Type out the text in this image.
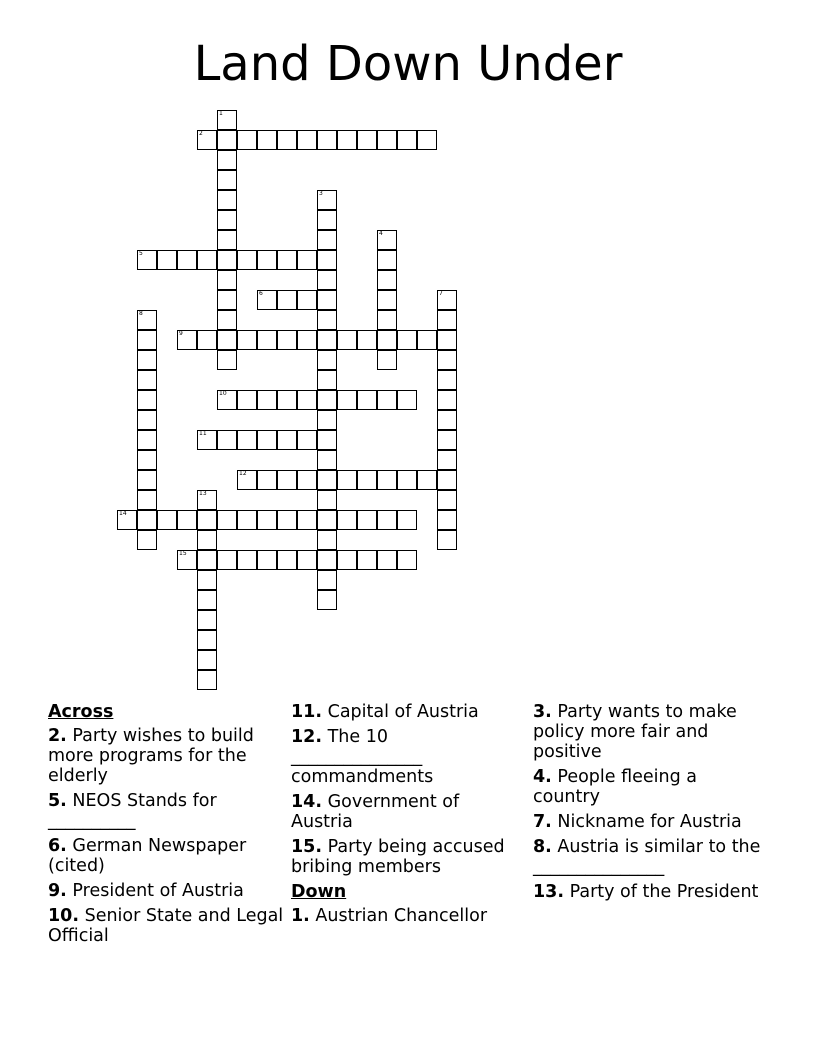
Land Down Under
1
2
3
4
5
6	7
8
9
10
11
12
13
14
15
Across
2. Party wishes to build more programs for the elderly
5. NEOS Stands for __________
6. German Newspaper (cited)
9. President of Austria
10. Senior State and Legal Official
11. Capital of Austria
12. The 10 _______________ commandments
14. Government of Austria
15. Party being accused bribing members
Down
1. Austrian Chancellor
3. Party wants to make policy more fair and positive
4. People fleeing a country
7. Nickname for Austria
8. Austria is similar to the _______________
13. Party of the President
